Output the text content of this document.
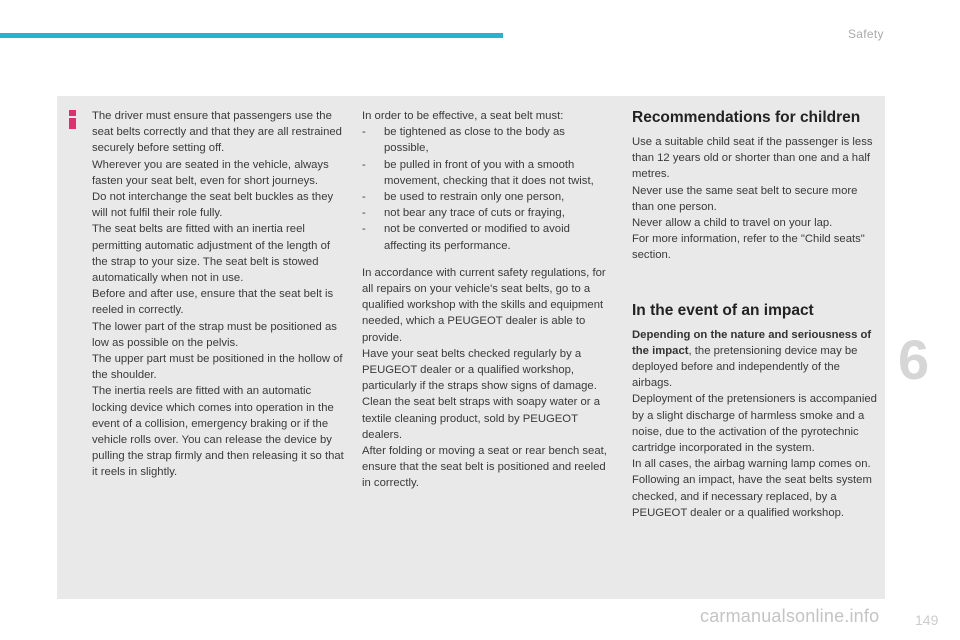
Safety

The driver must ensure that passengers use the seat belts correctly and that they are all restrained securely before setting off.

Wherever you are seated in the vehicle, always fasten your seat belt, even for short journeys.

Do not interchange the seat belt buckles as they will not fulfil their role fully.

The seat belts are fitted with an inertia reel permitting automatic adjustment of the length of the strap to your size. The seat belt is stowed automatically when not in use.

Before and after use, ensure that the seat belt is reeled in correctly.

The lower part of the strap must be positioned as low as possible on the pelvis.

The upper part must be positioned in the hollow of the shoulder.

The inertia reels are fitted with an automatic locking device which comes into operation in the event of a collision, emergency braking or if the vehicle rolls over. You can release the device by pulling the strap firmly and then releasing it so that it reels in slightly.

In order to be effective, a seat belt must:

- be tightened as close to the body as possible,
- be pulled in front of you with a smooth movement, checking that it does not twist,
- be used to restrain only one person,
- not bear any trace of cuts or fraying,
- not be converted or modified to avoid affecting its performance.

In accordance with current safety regulations, for all repairs on your vehicle's seat belts, go to a qualified workshop with the skills and equipment needed, which a PEUGEOT dealer is able to provide.

Have your seat belts checked regularly by a PEUGEOT dealer or a qualified workshop, particularly if the straps show signs of damage.

Clean the seat belt straps with soapy water or a textile cleaning product, sold by PEUGEOT dealers.

After folding or moving a seat or rear bench seat, ensure that the seat belt is positioned and reeled in correctly.

Recommendations for children

Use a suitable child seat if the passenger is less than 12 years old or shorter than one and a half metres.

Never use the same seat belt to secure more than one person.

Never allow a child to travel on your lap.

For more information, refer to the "Child seats" section.

In the event of an impact

Depending on the nature and seriousness of the impact, the pretensioning device may be deployed before and independently of the airbags.

Deployment of the pretensioners is accompanied by a slight discharge of harmless smoke and a noise, due to the activation of the pyrotechnic cartridge incorporated in the system.

In all cases, the airbag warning lamp comes on.

Following an impact, have the seat belts system checked, and if necessary replaced, by a PEUGEOT dealer or a qualified workshop.

6
carmanualsonline.info	149
